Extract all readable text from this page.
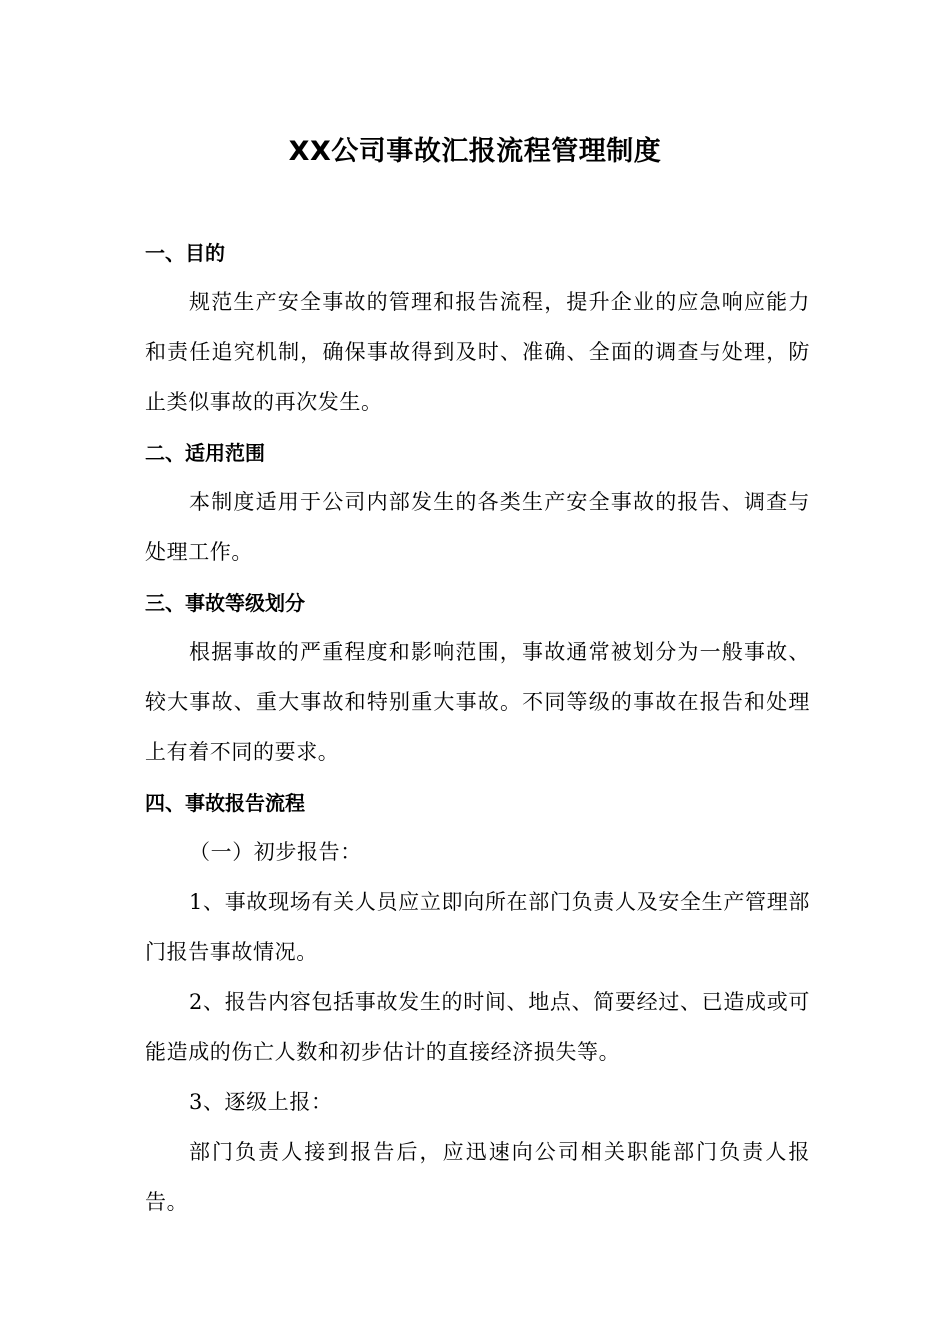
XX公司事故汇报流程管理制度
一、目的

规范生产安全事故的管理和报告流程，提升企业的应急响应能力和责任追究机制，确保事故得到及时、准确、全面的调查与处理，防止类似事故的再次发生。

二、适用范围

本制度适用于公司内部发生的各类生产安全事故的报告、调查与处理工作。

三、事故等级划分

根据事故的严重程度和影响范围，事故通常被划分为一般事故、较大事故、重大事故和特别重大事故。不同等级的事故在报告和处理上有着不同的要求。

四、事故报告流程

（一）初步报告：

1、事故现场有关人员应立即向所在部门负责人及安全生产管理部门报告事故情况。

2、报告内容包括事故发生的时间、地点、简要经过、已造成或可能造成的伤亡人数和初步估计的直接经济损失等。

3、逐级上报：

部门负责人接到报告后，应迅速向公司相关职能部门负责人报告。
